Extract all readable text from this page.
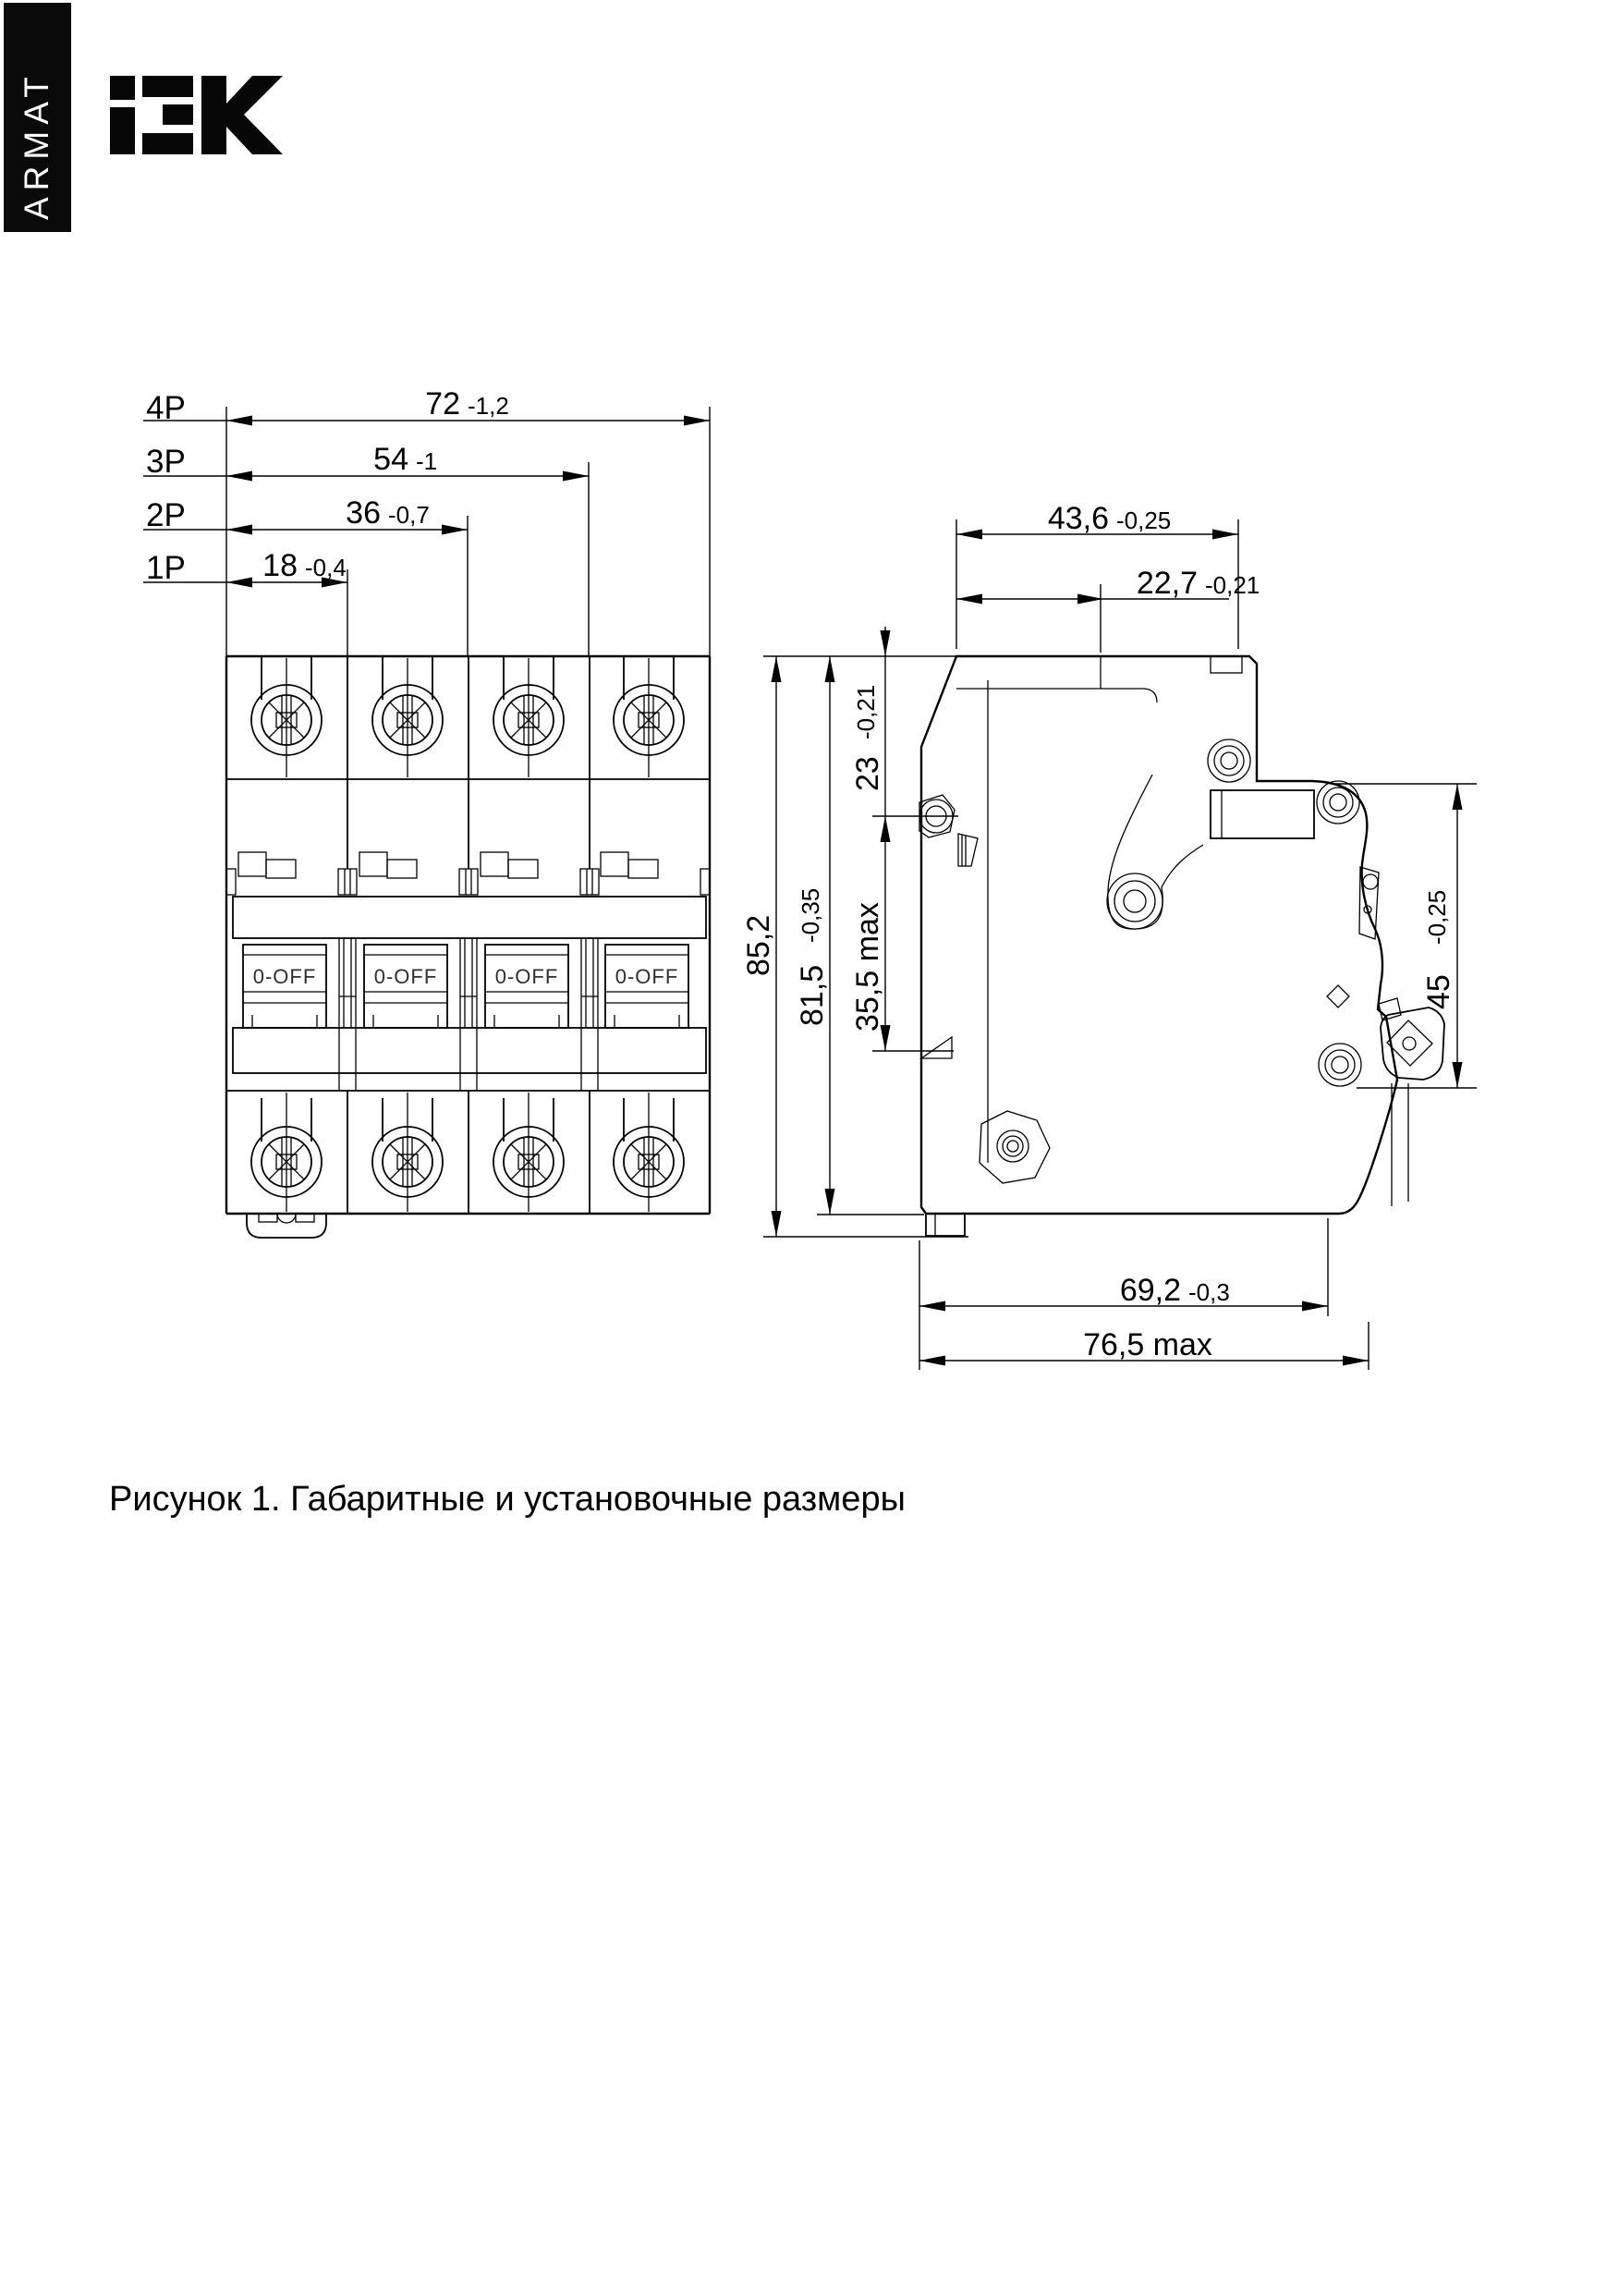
ARMAT
0-OFF	0-OFF	0-OFF	0-OFF
4P	72 -1,2
3P	54 -1
2P	36 -0,7
1P 18 -0,4
43,6 -0,25
22,7 -0,21
85,2
81,5
-0,35
23
-0,21
35,5 max	45
-0,25
69,2 -0,3
76,5 max
Рисунок 1. Габаритные и установочные размеры
